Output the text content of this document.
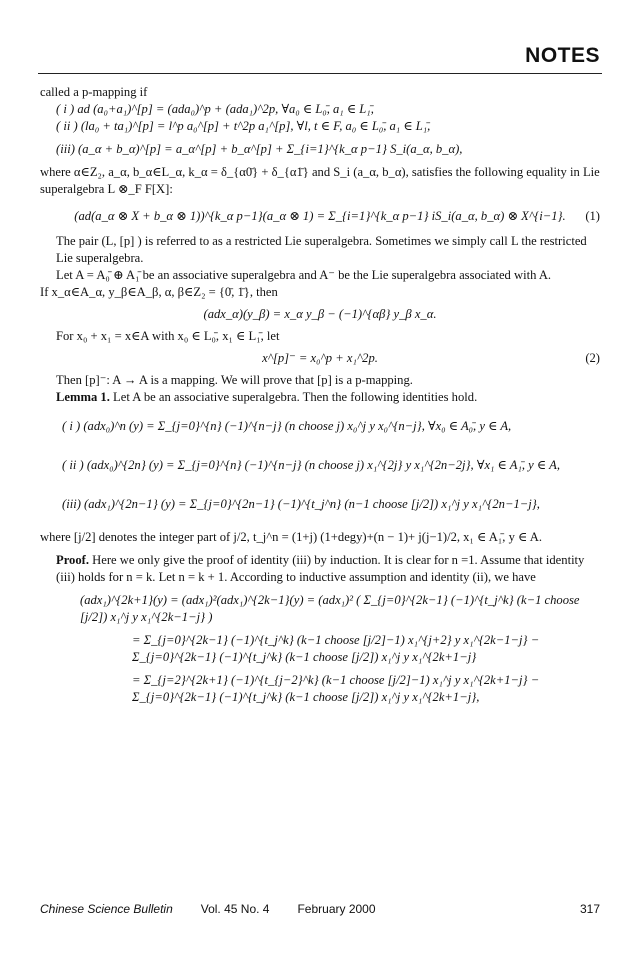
NOTES

called a p-mapping if

( i ) ad (a₀+a₁)^[p] = (ada₀)^p + (ada₁)^2p, ∀a₀ ∈ L₀̄, a₁ ∈ L₁̄,

( ii ) (la₀ + ta₁)^[p] = l^p a₀^[p] + t^2p a₁^[p], ∀l, t ∈ F, a₀ ∈ L₀̄, a₁ ∈ L₁̄,

(iii) (a_α + b_α)^[p] = a_α^[p] + b_α^[p] + Σ_{i=1}^{k_α p−1} S_i(a_α, b_α),

where α∈Z₂, a_α, b_α∈L_α, k_α = δ_{α0̄} + δ_{α1̄} and S_i (a_α, b_α), satisfies the following equality in Lie superalgebra L ⊗_F F[X]:

(ad(a_α ⊗ X + b_α ⊗ 1))^{k_α p−1}(a_α ⊗ 1) = Σ_{i=1}^{k_α p−1} iS_i(a_α, b_α) ⊗ X^{i−1}. (1)

The pair (L, [p] ) is referred to as a restricted Lie superalgebra. Sometimes we simply call L the restricted Lie superalgebra.

Let A = A₀̄ ⊕ A₁̄ be an associative superalgebra and A⁻ be the Lie superalgebra associated with A.

If x_α∈A_α, y_β∈A_β, α, β∈Z₂ = {0̄, 1̄}, then

(adx_α)(y_β) = x_α y_β − (−1)^{αβ} y_β x_α.

For x₀ + x₁ = x∈A with x₀ ∈ L₀̄, x₁ ∈ L₁̄, let

x^[p]⁻ = x₀^p + x₁^2p.	(2)

Then [p]⁻: A → A is a mapping. We will prove that [p] is a p-mapping.

Lemma 1. Let A be an associative superalgebra. Then the following identities hold.

( i ) (adx₀)^n (y) = Σ_{j=0}^{n} (−1)^{n−j} (n choose j) x₀^j y x₀^{n−j}, ∀x₀ ∈ A₀̄, y ∈ A,
( ii ) (adx₀)^{2n} (y) = Σ_{j=0}^{n} (−1)^{n−j} (n choose j) x₁^{2j} y x₁^{2n−2j}, ∀x₁ ∈ A₁̄, y ∈ A,
(iii) (adx₁)^{2n−1} (y) = Σ_{j=0}^{2n−1} (−1)^{t_j^n} (n−1 choose [j/2]) x₁^j y x₁^{2n−1−j},

where [j/2] denotes the integer part of j/2, t_j^n = (1+j) (1+degy)+(n − 1)+ j(j−1)/2, x₁ ∈ A₁̄, y ∈ A.

Proof. Here we only give the proof of identity (iii) by induction. It is clear for n =1. Assume that identity (iii) holds for n = k. Let n = k + 1. According to inductive assumption and identity (ii), we have

(adx₁)^{2k+1}(y) = (adx₁)²(adx₁)^{2k−1}(y) = (adx₁)² ( Σ_{j=0}^{2k−1} (−1)^{t_j^k} (k−1 choose [j/2]) x₁^j y x₁^{2k−1−j} )
= Σ_{j=0}^{2k−1} (−1)^{t_j^k} (k−1 choose [j/2]−1) x₁^{j+2} y x₁^{2k−1−j} − Σ_{j=0}^{2k−1} (−1)^{t_j^k} (k−1 choose [j/2]) x₁^j y x₁^{2k+1−j}
= Σ_{j=2}^{2k+1} (−1)^{t_{j−2}^k} (k−1 choose [j/2]−1) x₁^j y x₁^{2k+1−j} − Σ_{j=0}^{2k−1} (−1)^{t_j^k} (k−1 choose [j/2]) x₁^j y x₁^{2k+1−j},
Chinese Science Bulletin Vol. 45 No. 4 February 2000	317
